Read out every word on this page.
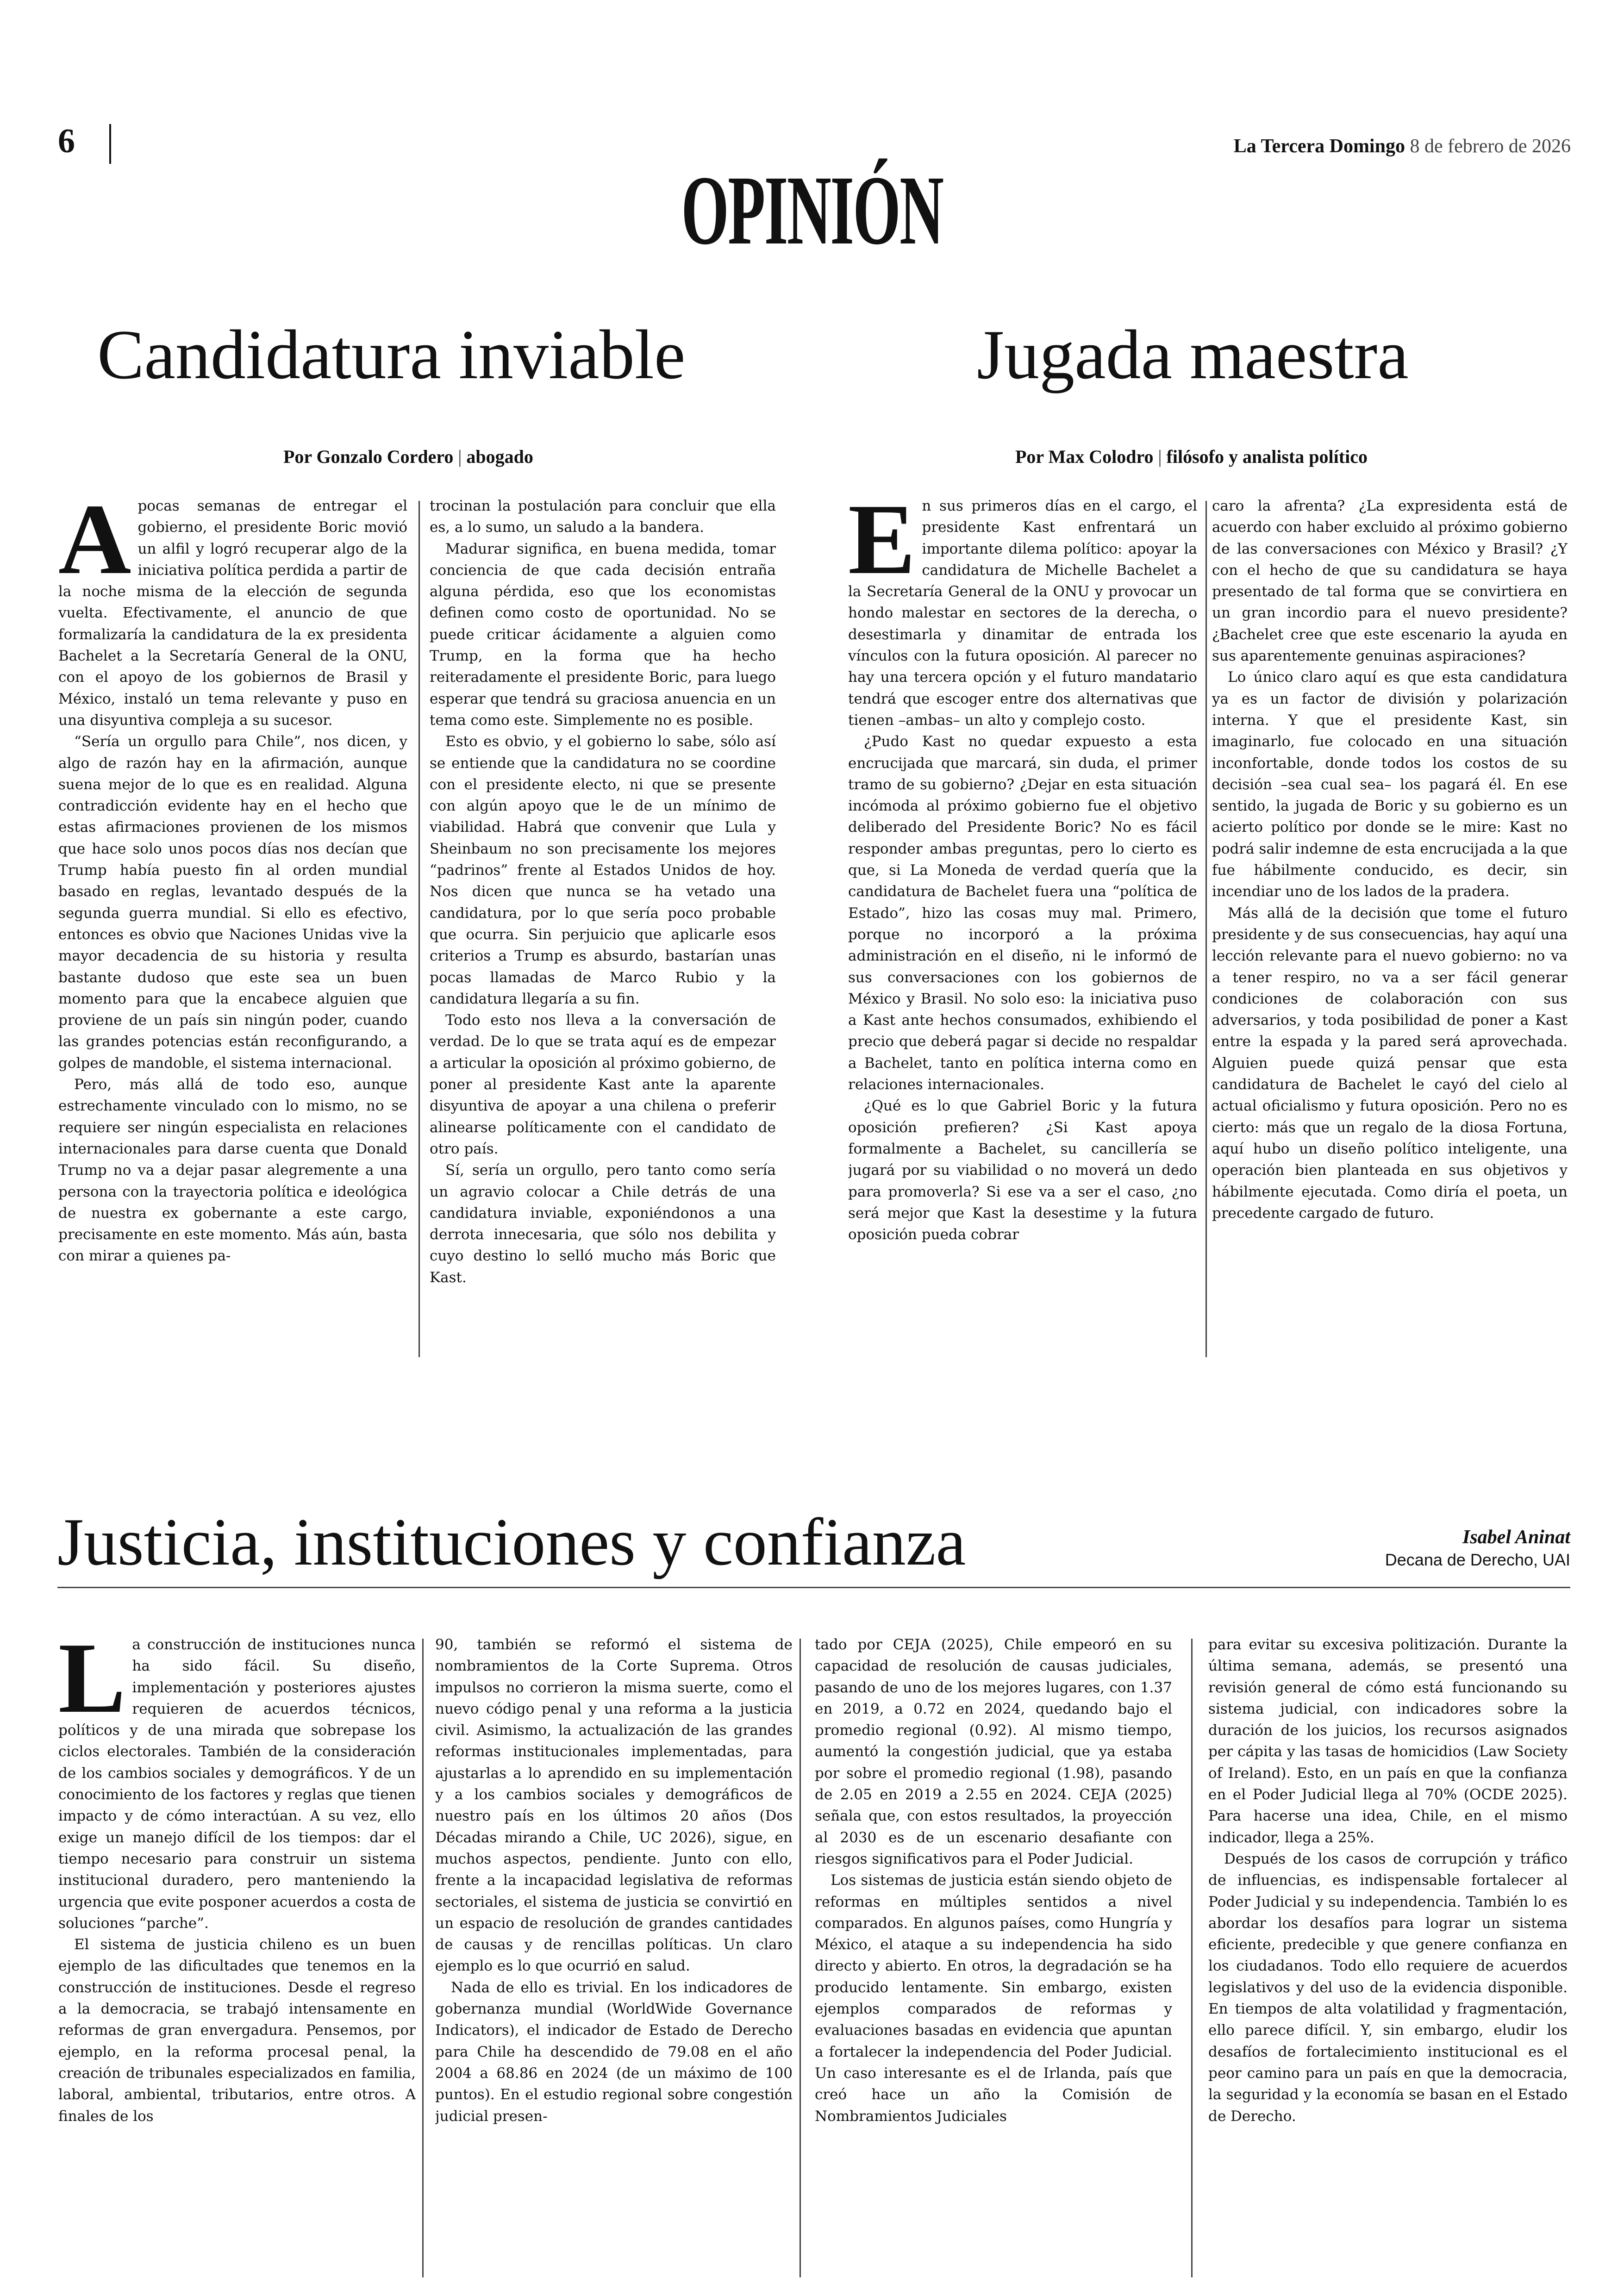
6	La Tercera Domingo 8 de febrero de 2026
OPINIÓN
Candidatura inviable
Por Gonzalo Cordero | abogado
A pocas semanas de entregar el gobierno, el presidente Boric movió un alfil y logró recuperar algo de la iniciativa política perdida a partir de la noche misma de la elección de segunda vuelta. Efectivamente, el anuncio de que formalizaría la candidatura de la ex presidenta Bachelet a la Secretaría General de la ONU, con el apoyo de los gobiernos de Brasil y México, instaló un tema relevante y puso en una disyuntiva compleja a su sucesor.

“Sería un orgullo para Chile”, nos dicen, y algo de razón hay en la afirmación, aunque suena mejor de lo que es en realidad. Alguna contradicción evidente hay en el hecho que estas afirmaciones provienen de los mismos que hace solo unos pocos días nos decían que Trump había puesto fin al orden mundial basado en reglas, levantado después de la segunda guerra mundial. Si ello es efectivo, entonces es obvio que Naciones Unidas vive la mayor decadencia de su historia y resulta bastante dudoso que este sea un buen momento para que la encabece alguien que proviene de un país sin ningún poder, cuando las grandes potencias están reconfigurando, a golpes de mandoble, el sistema internacional.

Pero, más allá de todo eso, aunque estrechamente vinculado con lo mismo, no se requiere ser ningún especialista en relaciones internacionales para darse cuenta que Donald Trump no va a dejar pasar alegremente a una persona con la trayectoria política e ideológica de nuestra ex gobernante a este cargo, precisamente en este momento. Más aún, basta con mirar a quienes pa-

trocinan la postulación para concluir que ella es, a lo sumo, un saludo a la bandera.

Madurar significa, en buena medida, tomar conciencia de que cada decisión entraña alguna pérdida, eso que los economistas definen como costo de oportunidad. No se puede criticar ácidamente a alguien como Trump, en la forma que ha hecho reiteradamente el presidente Boric, para luego esperar que tendrá su graciosa anuencia en un tema como este. Simplemente no es posible.

Esto es obvio, y el gobierno lo sabe, sólo así se entiende que la candidatura no se coordine con el presidente electo, ni que se presente con algún apoyo que le de un mínimo de viabilidad. Habrá que convenir que Lula y Sheinbaum no son precisamente los mejores “padrinos” frente al Estados Unidos de hoy. Nos dicen que nunca se ha vetado una candidatura, por lo que sería poco probable que ocurra. Sin perjuicio que aplicarle esos criterios a Trump es absurdo, bastarían unas pocas llamadas de Marco Rubio y la candidatura llegaría a su fin.

Todo esto nos lleva a la conversación de verdad. De lo que se trata aquí es de empezar a articular la oposición al próximo gobierno, de poner al presidente Kast ante la aparente disyuntiva de apoyar a una chilena o preferir alinearse políticamente con el candidato de otro país.

Sí, sería un orgullo, pero tanto como sería un agravio colocar a Chile detrás de una candidatura inviable, exponiéndonos a una derrota innecesaria, que sólo nos debilita y cuyo destino lo selló mucho más Boric que Kast.

Jugada maestra
Por Max Colodro | filósofo y analista político
E n sus primeros días en el cargo, el presidente Kast enfrentará un importante dilema político: apoyar la candidatura de Michelle Bachelet a la Secretaría General de la ONU y provocar un hondo malestar en sectores de la derecha, o desestimarla y dinamitar de entrada los vínculos con la futura oposición. Al parecer no hay una tercera opción y el futuro mandatario tendrá que escoger entre dos alternativas que tienen –ambas– un alto y complejo costo.

¿Pudo Kast no quedar expuesto a esta encrucijada que marcará, sin duda, el primer tramo de su gobierno? ¿Dejar en esta situación incómoda al próximo gobierno fue el objetivo deliberado del Presidente Boric? No es fácil responder ambas preguntas, pero lo cierto es que, si La Moneda de verdad quería que la candidatura de Bachelet fuera una “política de Estado”, hizo las cosas muy mal. Primero, porque no incorporó a la próxima administración en el diseño, ni le informó de sus conversaciones con los gobiernos de México y Brasil. No solo eso: la iniciativa puso a Kast ante hechos consumados, exhibiendo el precio que deberá pagar si decide no respaldar a Bachelet, tanto en política interna como en relaciones internacionales.

¿Qué es lo que Gabriel Boric y la futura oposición prefieren? ¿Si Kast apoya formalmente a Bachelet, su cancillería se jugará por su viabilidad o no moverá un dedo para promoverla? Si ese va a ser el caso, ¿no será mejor que Kast la desestime y la futura oposición pueda cobrar

caro la afrenta? ¿La expresidenta está de acuerdo con haber excluido al próximo gobierno de las conversaciones con México y Brasil? ¿Y con el hecho de que su candidatura se haya presentado de tal forma que se convirtiera en un gran incordio para el nuevo presidente? ¿Bachelet cree que este escenario la ayuda en sus aparentemente genuinas aspiraciones?

Lo único claro aquí es que esta candidatura ya es un factor de división y polarización interna. Y que el presidente Kast, sin imaginarlo, fue colocado en una situación inconfortable, donde todos los costos de su decisión –sea cual sea– los pagará él. En ese sentido, la jugada de Boric y su gobierno es un acierto político por donde se le mire: Kast no podrá salir indemne de esta encrucijada a la que fue hábilmente conducido, es decir, sin incendiar uno de los lados de la pradera.

Más allá de la decisión que tome el futuro presidente y de sus consecuencias, hay aquí una lección relevante para el nuevo gobierno: no va a tener respiro, no va a ser fácil generar condiciones de colaboración con sus adversarios, y toda posibilidad de poner a Kast entre la espada y la pared será aprovechada. Alguien puede quizá pensar que esta candidatura de Bachelet le cayó del cielo al actual oficialismo y futura oposición. Pero no es cierto: más que un regalo de la diosa Fortuna, aquí hubo un diseño político inteligente, una operación bien planteada en sus objetivos y hábilmente ejecutada. Como diría el poeta, un precedente cargado de futuro.

Justicia, instituciones y confianza	Isabel Aninat
Decana de Derecho, UAI
L a construcción de instituciones nunca ha sido fácil. Su diseño, implementación y posteriores ajustes requieren de acuerdos técnicos, políticos y de una mirada que sobrepase los ciclos electorales. También de la consideración de los cambios sociales y demográficos. Y de un conocimiento de los factores y reglas que tienen impacto y de cómo interactúan. A su vez, ello exige un manejo difícil de los tiempos: dar el tiempo necesario para construir un sistema institucional duradero, pero manteniendo la urgencia que evite posponer acuerdos a costa de soluciones “parche”.

El sistema de justicia chileno es un buen ejemplo de las dificultades que tenemos en la construcción de instituciones. Desde el regreso a la democracia, se trabajó intensamente en reformas de gran envergadura. Pensemos, por ejemplo, en la reforma procesal penal, la creación de tribunales especializados en familia, laboral, ambiental, tributarios, entre otros. A finales de los

90, también se reformó el sistema de nombramientos de la Corte Suprema. Otros impulsos no corrieron la misma suerte, como el nuevo código penal y una reforma a la justicia civil. Asimismo, la actualización de las grandes reformas institucionales implementadas, para ajustarlas a lo aprendido en su implementación y a los cambios sociales y demográficos de nuestro país en los últimos 20 años (Dos Décadas mirando a Chile, UC 2026), sigue, en muchos aspectos, pendiente. Junto con ello, frente a la incapacidad legislativa de reformas sectoriales, el sistema de justicia se convirtió en un espacio de resolución de grandes cantidades de causas y de rencillas políticas. Un claro ejemplo es lo que ocurrió en salud.

Nada de ello es trivial. En los indicadores de gobernanza mundial (WorldWide Governance Indicators), el indicador de Estado de Derecho para Chile ha descendido de 79.08 en el año 2004 a 68.86 en 2024 (de un máximo de 100 puntos). En el estudio regional sobre congestión judicial presen-

tado por CEJA (2025), Chile empeoró en su capacidad de resolución de causas judiciales, pasando de uno de los mejores lugares, con 1.37 en 2019, a 0.72 en 2024, quedando bajo el promedio regional (0.92). Al mismo tiempo, aumentó la congestión judicial, que ya estaba por sobre el promedio regional (1.98), pasando de 2.05 en 2019 a 2.55 en 2024. CEJA (2025) señala que, con estos resultados, la proyección al 2030 es de un escenario desafiante con riesgos significativos para el Poder Judicial.

Los sistemas de justicia están siendo objeto de reformas en múltiples sentidos a nivel comparados. En algunos países, como Hungría y México, el ataque a su independencia ha sido directo y abierto. En otros, la degradación se ha producido lentamente. Sin embargo, existen ejemplos comparados de reformas y evaluaciones basadas en evidencia que apuntan a fortalecer la independencia del Poder Judicial. Un caso interesante es el de Irlanda, país que creó hace un año la Comisión de Nombramientos Judiciales

para evitar su excesiva politización. Durante la última semana, además, se presentó una revisión general de cómo está funcionando su sistema judicial, con indicadores sobre la duración de los juicios, los recursos asignados per cápita y las tasas de homicidios (Law Society of Ireland). Esto, en un país en que la confianza en el Poder Judicial llega al 70% (OCDE 2025). Para hacerse una idea, Chile, en el mismo indicador, llega a 25%.

Después de los casos de corrupción y tráfico de influencias, es indispensable fortalecer al Poder Judicial y su independencia. También lo es abordar los desafíos para lograr un sistema eficiente, predecible y que genere confianza en los ciudadanos. Todo ello requiere de acuerdos legislativos y del uso de la evidencia disponible. En tiempos de alta volatilidad y fragmentación, ello parece difícil. Y, sin embargo, eludir los desafíos de fortalecimiento institucional es el peor camino para un país en que la democracia, la seguridad y la economía se basan en el Estado de Derecho.
